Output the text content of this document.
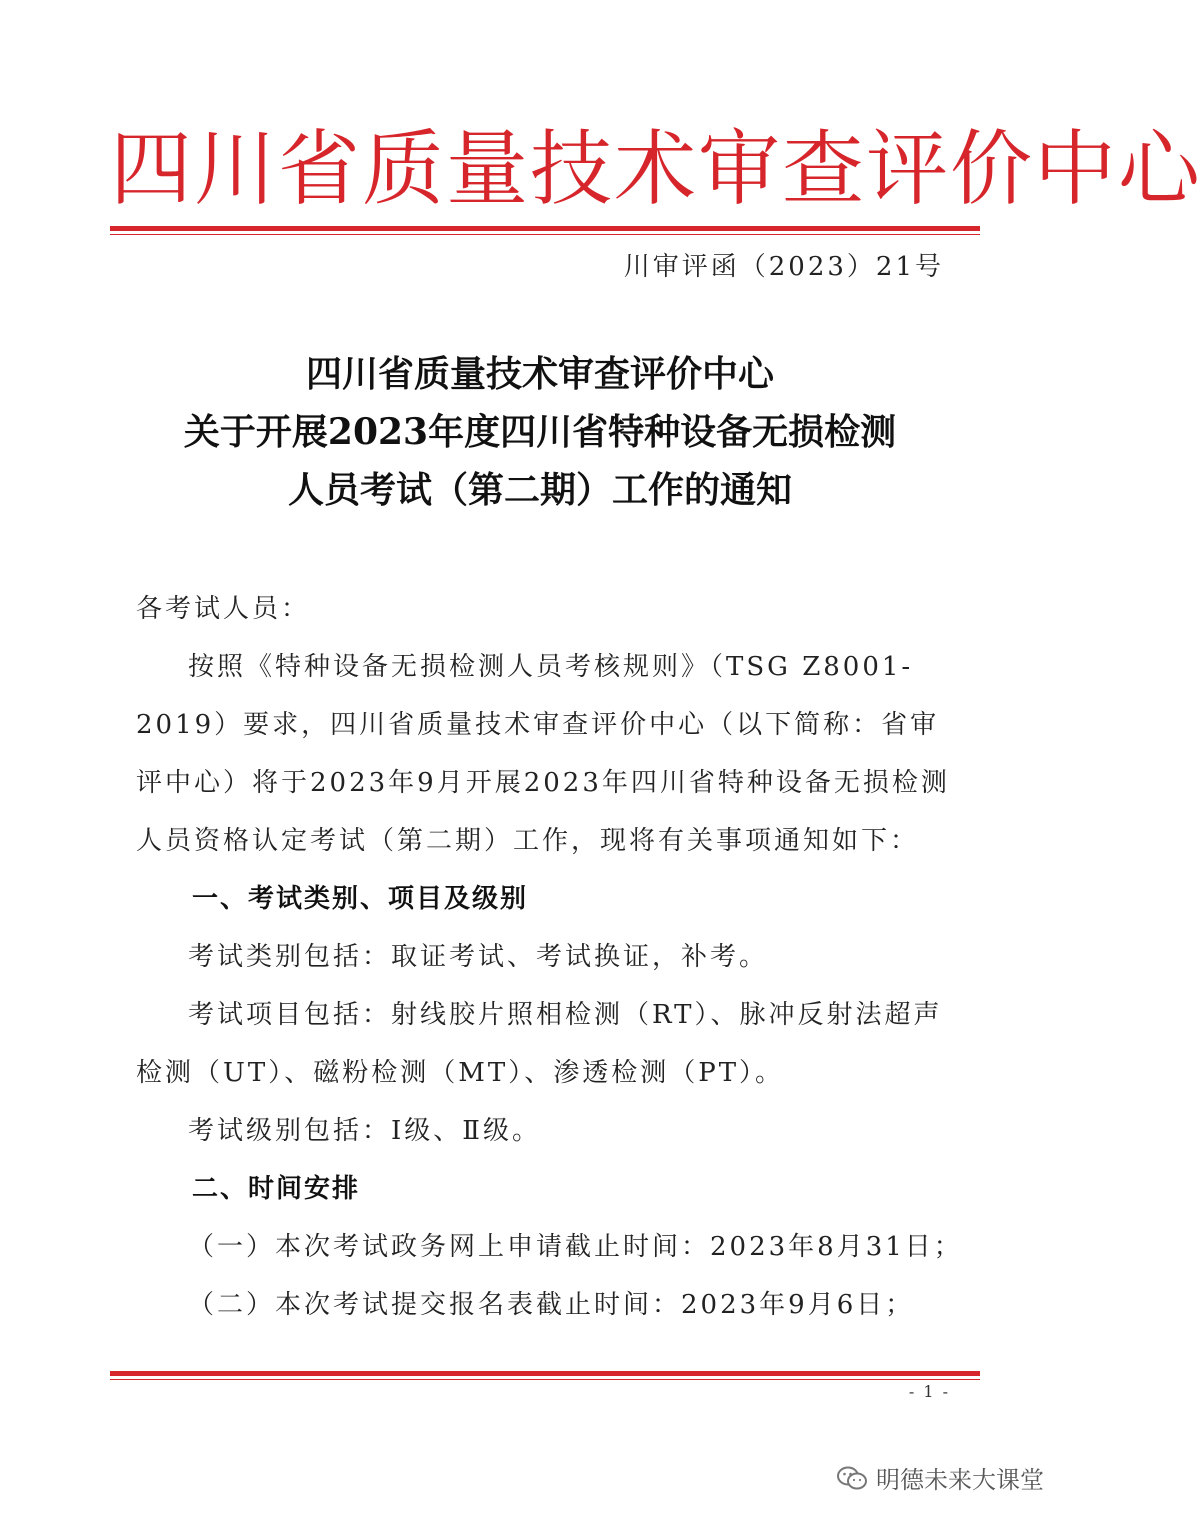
四川省质量技术审查评价中心
川审评函（2023）21号
四川省质量技术审查评价中心
关于开展2023年度四川省特种设备无损检测
人员考试（第二期）工作的通知
各考试人员：
按照《特种设备无损检测人员考核规则》（TSG Z8001-2019）要求，四川省质量技术审查评价中心（以下简称：省审评中心）将于2023年9月开展2023年四川省特种设备无损检测人员资格认定考试（第二期）工作，现将有关事项通知如下：
一、考试类别、项目及级别
考试类别包括：取证考试、考试换证，补考。
考试项目包括：射线胶片照相检测（RT）、脉冲反射法超声检测（UT）、磁粉检测（MT）、渗透检测（PT）。
考试级别包括：Ⅰ级、Ⅱ级。
二、时间安排
（一）本次考试政务网上申请截止时间：2023年8月31日；
（二）本次考试提交报名表截止时间：2023年9月6日；
- 1 -
明德未来大课堂
